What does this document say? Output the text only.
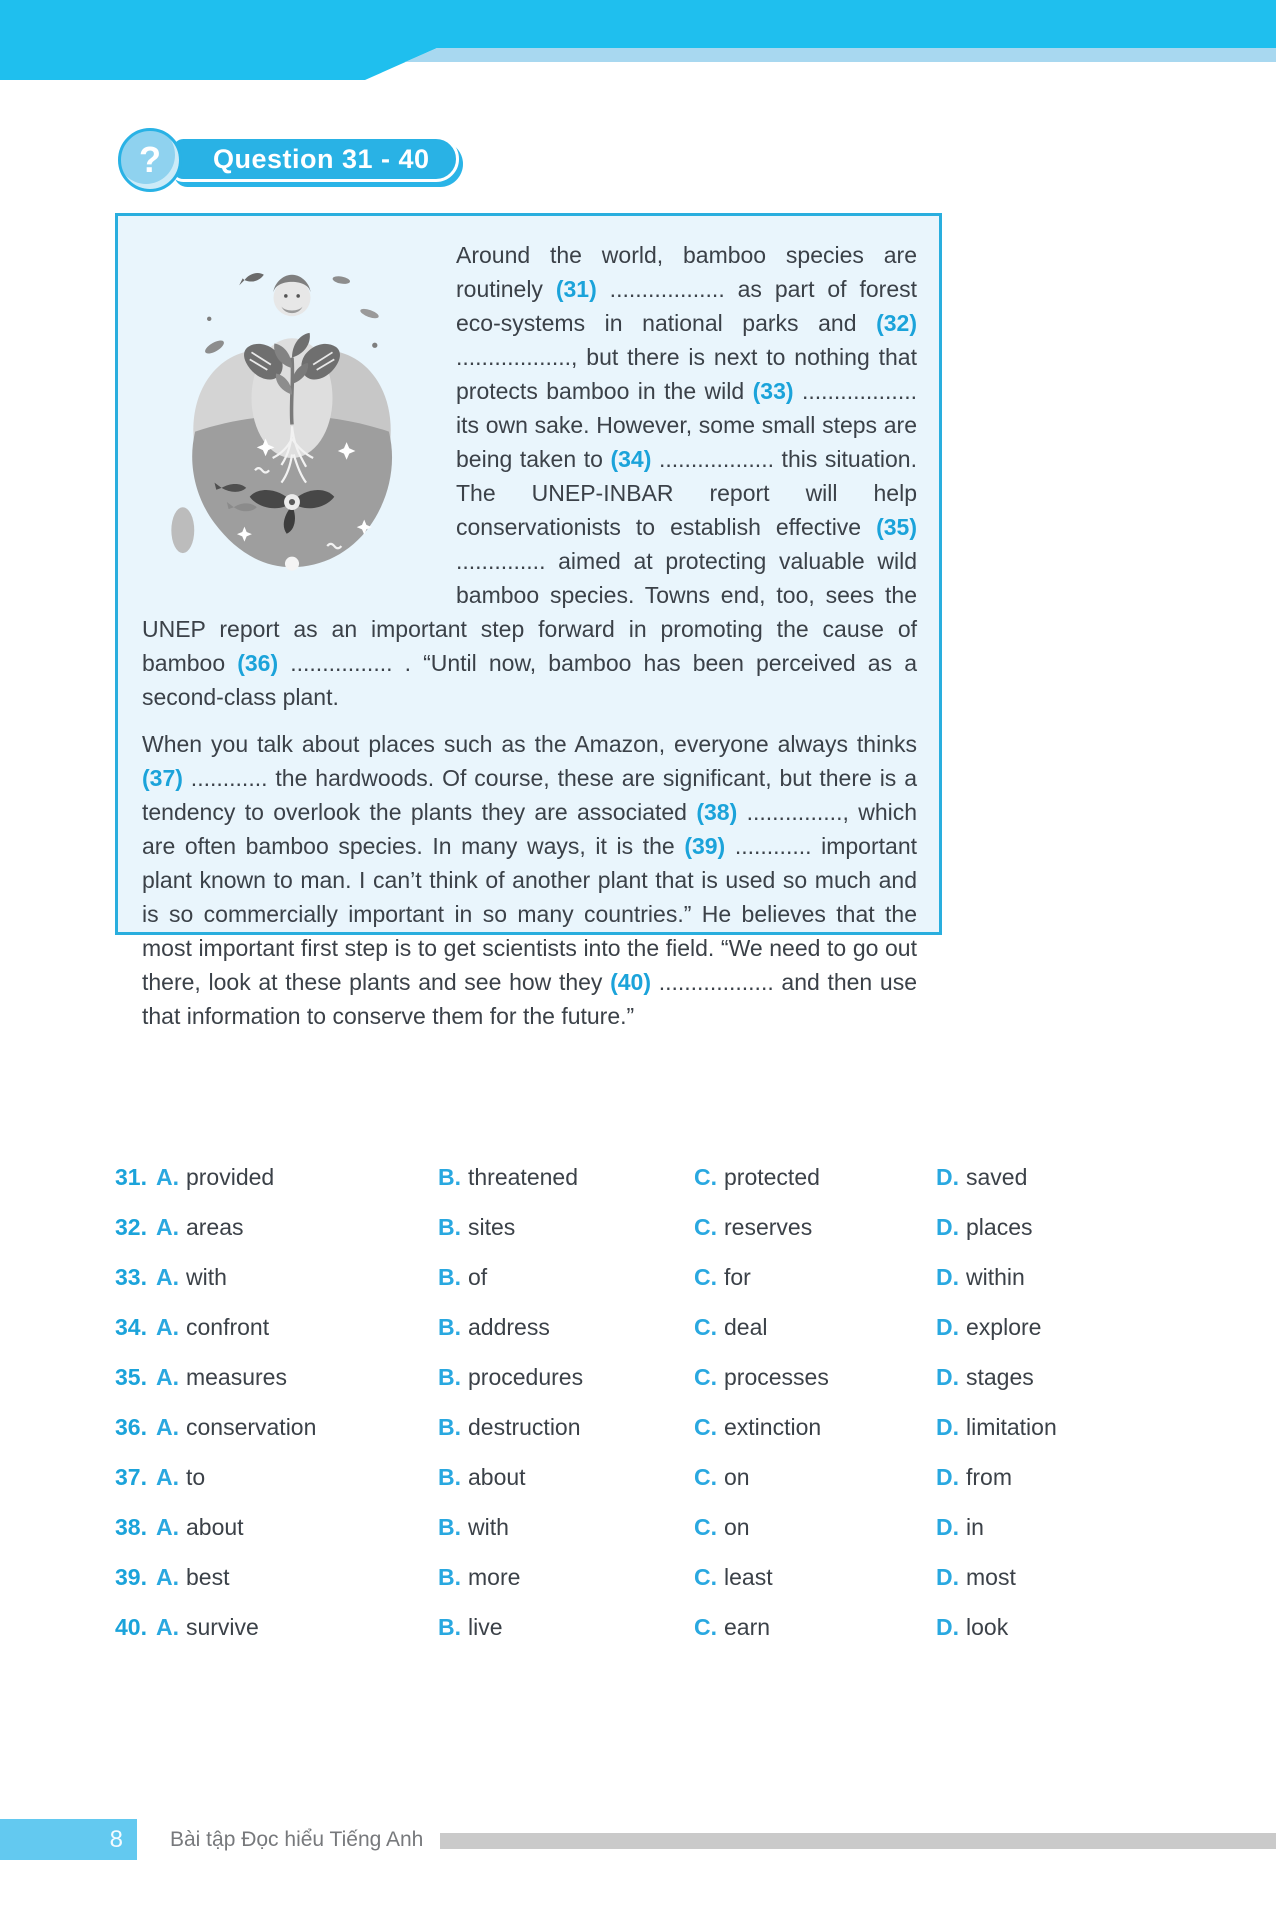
Question 31 - 40
?

Around the world, bamboo species are routinely (31) .................. as part of forest eco-systems in national parks and (32) .................., but there is next to nothing that protects bamboo in the wild (33) .................. its own sake. However, some small steps are being taken to (34) .................. this situation. The UNEP-INBAR report will help conservationists to establish effective (35) .............. aimed at protecting valuable wild bamboo species. Towns end, too, sees the UNEP report as an important step forward in promoting the cause of bamboo (36) ................ . “Until now, bamboo has been perceived as a second-class plant.

When you talk about places such as the Amazon, everyone always thinks (37) ............ the hardwoods. Of course, these are significant, but there is a tendency to overlook the plants they are associated (38) ..............., which are often bamboo species. In many ways, it is the (39) ............ important plant known to man. I can’t think of another plant that is used so much and is so commercially important in so many countries.” He believes that the most important first step is to get scientists into the field. “We need to go out there, look at these plants and see how they (40) .................. and then use that information to conserve them for the future.”

31. A. provided	B. threatened	C. protected	D. saved
32. A. areas	B. sites	C. reserves	D. places
33. A. with	B. of	C. for	D. within
34. A. confront	B. address	C. deal	D. explore
35. A. measures	B. procedures	C. processes	D. stages
36. A. conservation	B. destruction	C. extinction	D. limitation
37. A. to	B. about	C. on	D. from
38. A. about	B. with	C. on	D. in
39. A. best	B. more	C. least	D. most
40. A. survive	B. live	C. earn	D. look
8 Bài tập Đọc hiểu Tiếng Anh
